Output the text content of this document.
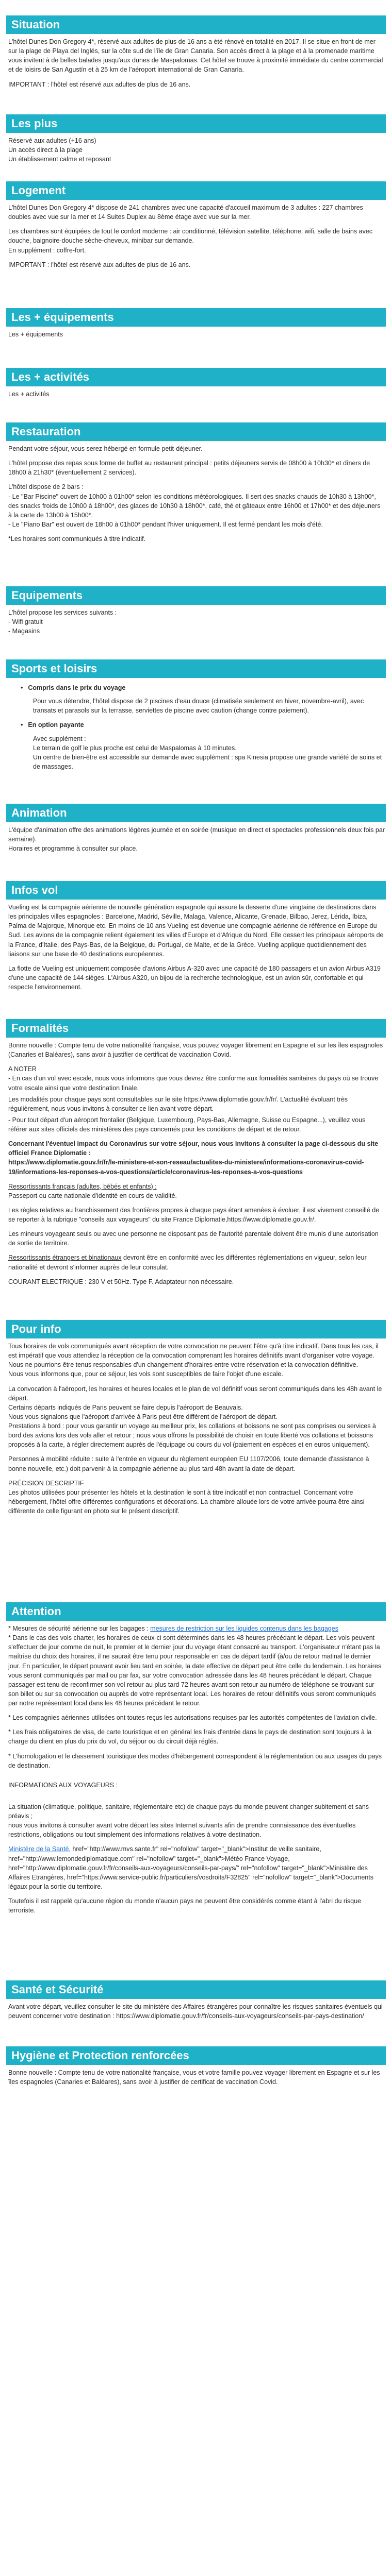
Situation

L'hôtel Dunes Don Gregory 4*, réservé aux adultes de plus de 16 ans a été rénové en totalité en 2017. Il se situe en front de mer sur la plage de Playa del Inglés, sur la côte sud de l'île de Gran Canaria. Son accès direct à la plage et à la promenade maritime vous invitent à de belles balades jusqu'aux dunes de Maspalomas. Cet hôtel se trouve à proximité immédiate du centre commercial et de loisirs de San Agustín et à 25 km de l'aéroport international de Gran Canaria.

IMPORTANT : l'hôtel est réservé aux adultes de plus de 16 ans.

Les plus
Réservé aux adultes (+16 ans)
Un accès direct à la plage
Un établissement calme et reposant
Logement

L'hôtel Dunes Don Gregory 4* dispose de 241 chambres avec une capacité d'accueil maximum de 3 adultes : 227 chambres doubles avec vue sur la mer et 14 Suites Duplex au 8ème étage avec vue sur la mer.

Les chambres sont équipées de tout le confort moderne : air conditionné, télévision satellite, téléphone, wifi, salle de bains avec douche, baignoire-douche sèche-cheveux, minibar sur demande.

En supplément : coffre-fort.

IMPORTANT : l'hôtel est réservé aux adultes de plus de 16 ans.

Les + équipements

Les + équipements

Les + activités

Les + activités

Restauration

Pendant votre séjour, vous serez hébergé en formule petit-déjeuner.

L'hôtel propose des repas sous forme de buffet au restaurant principal : petits déjeuners servis de 08h00 à 10h30* et dîners de 18h00 à 21h30* (éventuellement 2 services).

L'hôtel dispose de 2 bars :

- Le "Bar Piscine" ouvert de 10h00 à 01h00* selon les conditions météorologiques. Il sert des snacks chauds de 10h30 à 13h00*, des snacks froids de 10h00 à 18h00*, des glaces de 10h30 à 18h00*, café, thé et gâteaux entre 16h00 et 17h00* et des déjeuners à la carte de 13h00 à 15h00*.

- Le "Piano Bar" est ouvert de 18h00 à 01h00* pendant l'hiver uniquement. Il est fermé pendant les mois d'été.

*Les horaires sont communiqués à titre indicatif.

Equipements
L'hôtel propose les services suivants :
- Wifi gratuit
- Magasins
Sports et loisirs
• Compris dans le prix du voyage

Pour vous détendre, l'hôtel dispose de 2 piscines d'eau douce (climatisée seulement en hiver, novembre-avril), avec transats et parasols sur la terrasse, serviettes de piscine avec caution (change contre paiement).

• En option payante

Avec supplément :

Le terrain de golf le plus proche est celui de Maspalomas à 10 minutes.

Un centre de bien-être est accessible sur demande avec supplément : spa Kinesia propose une grande variété de soins et de massages.

Animation

L'équipe d'animation offre des animations légères journée et en soirée (musique en direct et spectacles professionnels deux fois par semaine).

Horaires et programme à consulter sur place.

Infos vol

Vueling est la compagnie aérienne de nouvelle génération espagnole qui assure la desserte d'une vingtaine de destinations dans les principales villes espagnoles : Barcelone, Madrid, Séville, Malaga, Valence, Alicante, Grenade, Bilbao, Jerez, Lérida, Ibiza, Palma de Majorque, Minorque etc. En moins de 10 ans Vueling est devenue une compagnie aérienne de référence en Europe du Sud. Les avions de la compagnie relient également les villes d'Europe et d'Afrique du Nord. Elle dessert les principaux aéroports de la France, d'Italie, des Pays-Bas, de la Belgique, du Portugal, de Malte, et de la Grèce. Vueling applique quotidiennement des liaisons sur une base de 40 destinations européennes.

La flotte de Vueling est uniquement composée d'avions Airbus A-320 avec une capacité de 180 passagers et un avion Airbus A319 d'une une capacité de 144 sièges. L'Airbus A320, un bijou de la recherche technologique, est un avion sûr, confortable et qui respecte l'environnement.

Formalités

Bonne nouvelle : Compte tenu de votre nationalité française, vous pouvez voyager librement en Espagne et sur les îles espagnoles (Canaries et Baléares), sans avoir à justifier de certificat de vaccination Covid.

A NOTER

- En cas d'un vol avec escale, nous vous informons que vous devrez être conforme aux formalités sanitaires du pays où se trouve votre escale ainsi que votre destination finale.

Les modalités pour chaque pays sont consultables sur le site https://www.diplomatie.gouv.fr/fr/. L'actualité évoluant très régulièrement, nous vous invitons à consulter ce lien avant votre départ.

- Pour tout départ d'un aéroport frontalier (Belgique, Luxembourg, Pays-Bas, Allemagne, Suisse ou Espagne...), veuillez vous référer aux sites officiels des ministères des pays concernés pour les conditions de départ et de retour.

Concernant l'éventuel impact du Coronavirus sur votre séjour, nous vous invitons à consulter la page ci-dessous du site officiel France Diplomatie :

https://www.diplomatie.gouv.fr/fr/le-ministere-et-son-reseau/actualites-du-ministere/informations-coronavirus-covid-19/informations-les-reponses-a-vos-questions/article/coronavirus-les-reponses-a-vos-questions

Ressortissants français (adultes, bébés et enfants) :

Passeport ou carte nationale d'identité en cours de validité.

Les règles relatives au franchissement des frontières propres à chaque pays étant amenées à évoluer, il est vivement conseillé de se reporter à la rubrique "conseils aux voyageurs" du site France Diplomatie,https://www.diplomatie.gouv.fr/.

Les mineurs voyageant seuls ou avec une personne ne disposant pas de l'autorité parentale doivent être munis d'une autorisation de sortie de territoire.

Ressortissants étrangers et binationaux devront être en conformité avec les différentes réglementations en vigueur, selon leur nationalité et devront s'informer auprès de leur consulat.

COURANT ELECTRIQUE : 230 V et 50Hz. Type F. Adaptateur non nécessaire.

Pour info

Tous horaires de vols communiqués avant réception de votre convocation ne peuvent l'être qu'à titre indicatif. Dans tous les cas, il est impératif que vous attendiez la réception de la convocation comprenant les horaires définitifs avant d'organiser votre voyage.

Nous ne pourrions être tenus responsables d'un changement d'horaires entre votre réservation et la convocation définitive.

Nous vous informons que, pour ce séjour, les vols sont susceptibles de faire l'objet d'une escale.

La convocation à l'aéroport, les horaires et heures locales et le plan de vol définitif vous seront communiqués dans les 48h avant le départ.

Certains départs indiqués de Paris peuvent se faire depuis l'aéroport de Beauvais.

Nous vous signalons que l'aéroport d'arrivée à Paris peut être différent de l'aéroport de départ.

Prestations à bord : pour vous garantir un voyage au meilleur prix, les collations et boissons ne sont pas comprises ou services à bord des avions lors des vols aller et retour ; nous vous offrons la possibilité de choisir en toute liberté vos collations et boissons proposés à la carte, à régler directement auprès de l'équipage ou cours du vol (paiement en espèces et en euros uniquement).

Personnes à mobilité réduite : suite à l'entrée en vigueur du règlement européen EU 1107/2006, toute demande d'assistance à bonne nouvelle, etc.) doit parvenir à la compagnie aérienne au plus tard 48h avant la date de départ.

PRÉCISION DESCRIPTIF

Les photos utilisées pour présenter les hôtels et la destination le sont à titre indicatif et non contractuel. Concernant votre hébergement, l'hôtel offre différentes configurations et décorations. La chambre allouée lors de votre arrivée pourra être ainsi différente de celle figurant en photo sur le présent descriptif.

Attention

* Mesures de sécurité aérienne sur les bagages : mesures de restriction sur les liquides contenus dans les bagages

* Dans le cas des vols charter, les horaires de ceux-ci sont déterminés dans les 48 heures précédant le départ. Les vols peuvent s'effectuer de jour comme de nuit, le premier et le dernier jour du voyage étant consacré au transport. L'organisateur n'étant pas la maîtrise du choix des horaires, il ne saurait être tenu pour responsable en cas de départ tardif (à/ou de retour matinal le dernier jour. En particulier, le départ pouvant avoir lieu tard en soirée, la date effective de départ peut être celle du lendemain. Les horaires vous seront communiqués par mail ou par fax, sur votre convocation adressée dans les 48 heures précédant le départ. Chaque passager est tenu de reconfirmer son vol retour au plus tard 72 heures avant son retour au numéro de téléphone se trouvant sur son billet ou sur sa convocation ou auprès de votre représentant local. Les horaires de retour définitifs vous seront communiqués par notre représentant local dans les 48 heures précédant le retour.

* Les compagnies aériennes utilisées ont toutes reçus les autorisations requises par les autorités compétentes de l'aviation civile.

* Les frais obligatoires de visa, de carte touristique et en général les frais d'entrée dans le pays de destination sont toujours à la charge du client en plus du prix du vol, du séjour ou du circuit déjà réglés.

* L'homologation et le classement touristique des modes d'hébergement correspondent à la réglementation ou aux usages du pays de destination.

INFORMATIONS AUX VOYAGEURS :

La situation (climatique, politique, sanitaire, réglementaire etc) de chaque pays du monde peuvent changer subitement et sans préavis ;

nous vous invitons à consulter avant votre départ les sites Internet suivants afin de prendre connaissance des éventuelles restrictions, obligations ou tout simplement des informations relatives à votre destination.

Ministère de la Santé, href="http://www.mvs.sante.fr" rel="nofollow" target="_blank">Institut de veille sanitaire, href="http://www.lemondediplomatique.com" rel="nofollow" target="_blank">Météo France Voyage, href="http://www.diplomatie.gouv.fr/fr/conseils-aux-voyageurs/conseils-par-pays/" rel="nofollow" target="_blank">Ministère des Affaires Etrangères, href="https://www.service-public.fr/particuliers/vosdroits/F32825" rel="nofollow" target="_blank">Documents légaux pour la sortie du territoire.

Toutefois il est rappelé qu'aucune région du monde n'aucun pays ne peuvent être considérés comme étant à l'abri du risque terroriste.

Santé et Sécurité

Avant votre départ, veuillez consulter le site du ministère des Affaires étrangères pour connaître les risques sanitaires éventuels qui peuvent concerner votre destination : https://www.diplomatie.gouv.fr/fr/conseils-aux-voyageurs/conseils-par-pays-destination/

Hygiène et Protection renforcées

Bonne nouvelle : Compte tenu de votre nationalité française, vous et votre famille pouvez voyager librement en Espagne et sur les îles espagnoles (Canaries et Baléares), sans avoir à justifier de certificat de vaccination Covid.
